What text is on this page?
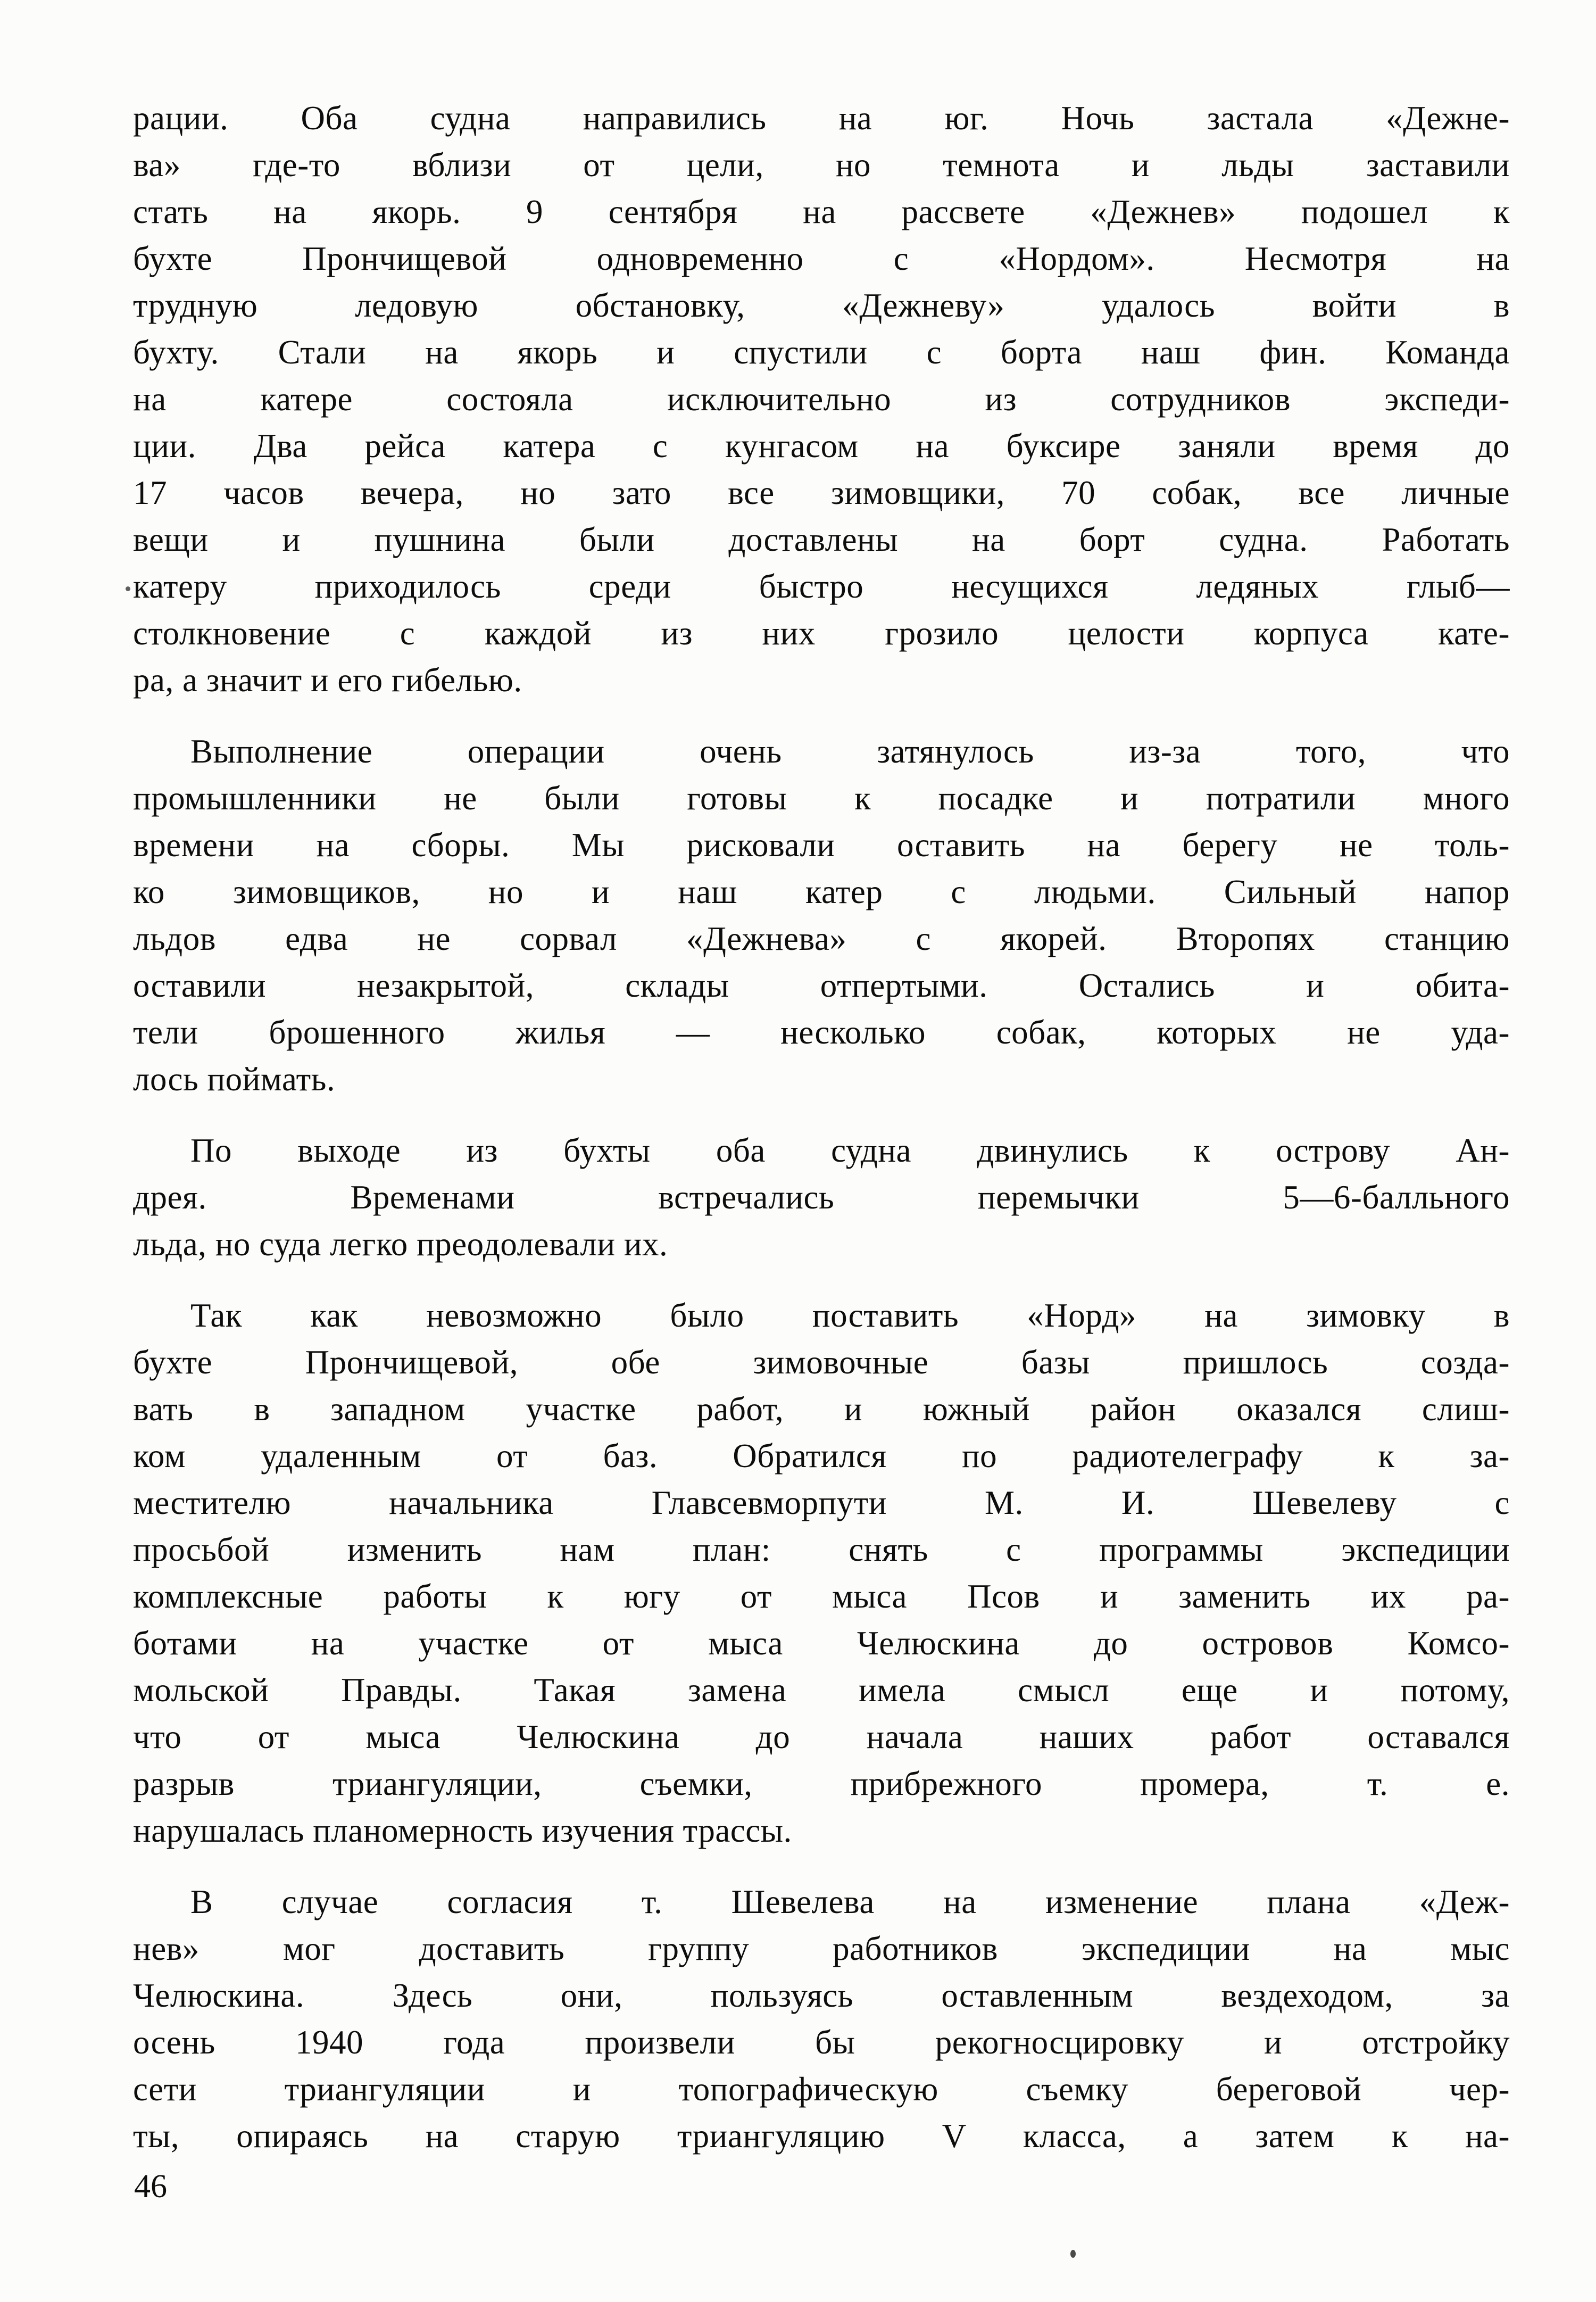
рации. Оба судна направились на юг. Ночь застала «Дежне-
ва» где-то вблизи от цели, но темнота и льды заставили
стать на якорь. 9 сентября на рассвете «Дежнев» подошел к
бухте Прончищевой одновременно с «Нордом». Несмотря на
трудную ледовую обстановку, «Дежневу» удалось войти в
бухту. Стали на якорь и спустили с борта наш фин. Команда
на катере состояла исключительно из сотрудников экспеди-
ции. Два рейса катера с кунгасом на буксире заняли время до
17 часов вечера, но зато все зимовщики, 70 собак, все личные
вещи и пушнина были доставлены на борт судна. Работать
катеру приходилось среди быстро несущихся ледяных глыб—
столкновение с каждой из них грозило целости корпуса кате-
ра, а значит и его гибелью.
Выполнение операции очень затянулось из-за того, что
промышленники не были готовы к посадке и потратили много
времени на сборы. Мы рисковали оставить на берегу не толь-
ко зимовщиков, но и наш катер с людьми. Сильный напор
льдов едва не сорвал «Дежнева» с якорей. Второпях станцию
оставили незакрытой, склады отпертыми. Остались и обита-
тели брошенного жилья — несколько собак, которых не уда-
лось поймать.
По выходе из бухты оба судна двинулись к острову Ан-
дрея. Временами встречались перемычки 5—6-балльного
льда, но суда легко преодолевали их.
Так как невозможно было поставить «Норд» на зимовку в
бухте Прончищевой, обе зимовочные базы пришлось созда-
вать в западном участке работ, и южный район оказался слиш-
ком удаленным от баз. Обратился по радиотелеграфу к за-
местителю начальника Главсевморпути М. И. Шевелеву с
просьбой изменить нам план: снять с программы экспедиции
комплексные работы к югу от мыса Псов и заменить их ра-
ботами на участке от мыса Челюскина до островов Комсо-
мольской Правды. Такая замена имела смысл еще и потому,
что от мыса Челюскина до начала наших работ оставался
разрыв триангуляции, съемки, прибрежного промера, т. е.
нарушалась планомерность изучения трассы.
В случае согласия т. Шевелева на изменение плана «Деж-
нев» мог доставить группу работников экспедиции на мыс
Челюскина. Здесь они, пользуясь оставленным вездеходом, за
осень 1940 года произвели бы рекогносцировку и отстройку
сети триангуляции и топографическую съемку береговой чер-
ты, опираясь на старую триангуляцию V класса, а затем к на-
46
